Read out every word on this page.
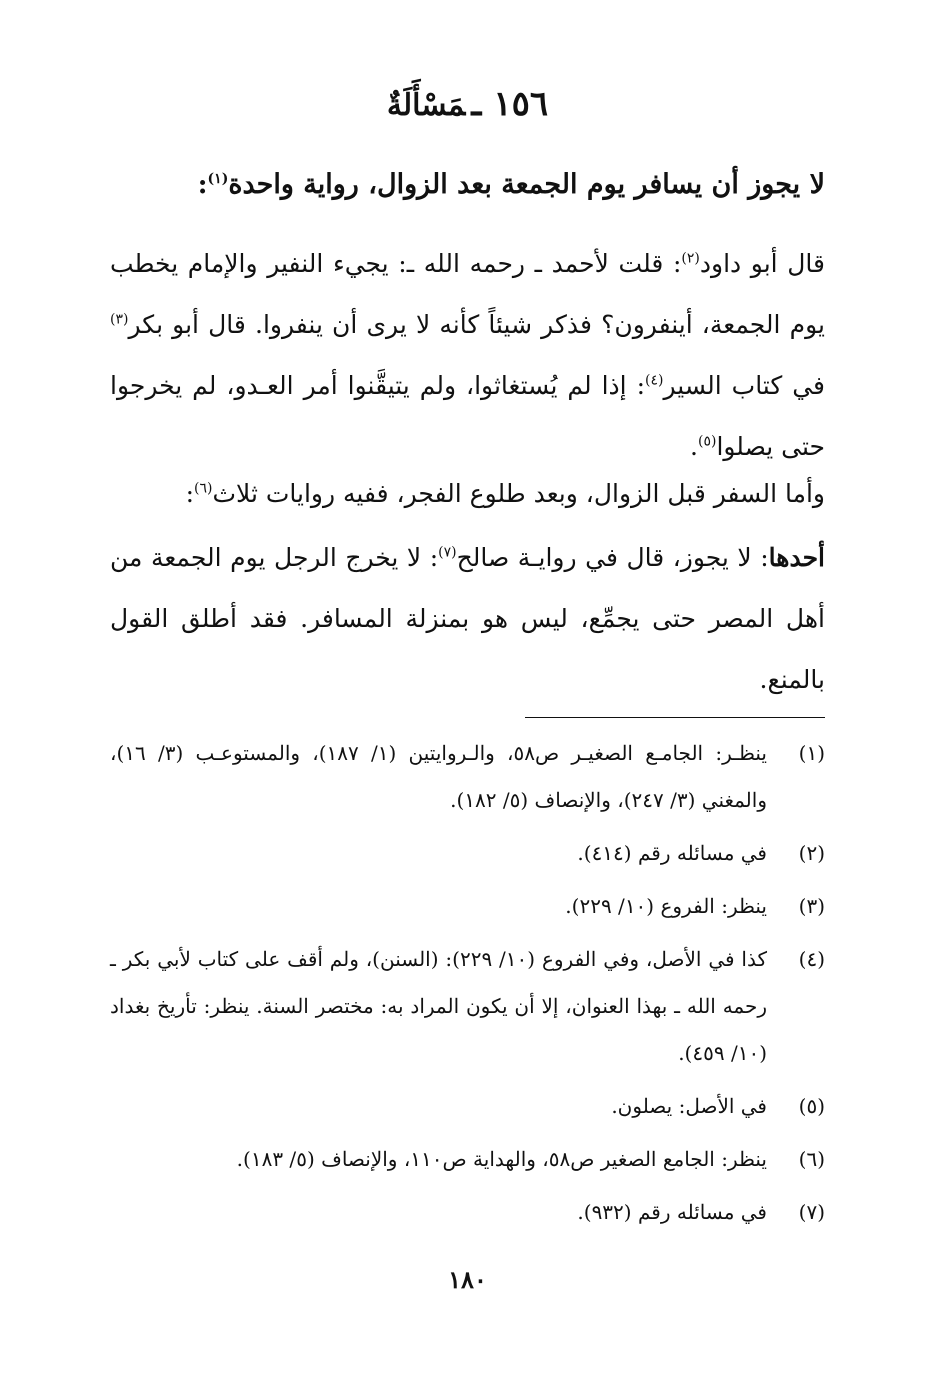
١٥٦ـمَسْأَلَةٌ
لا يجوز أن يسافر يوم الجمعة بعد الزوال، رواية واحدة$^{(١)}$:

قال أبو داود$^{(٢)}$: قلت لأحمد ـ رحمه الله ـ: يجيء النفير والإمام يخطب يوم الجمعة، أينفرون؟ فذكر شيئاً كأنه لا يرى أن ينفروا. قال أبو بكر$^{(٣)}$ في كتاب السير$^{(٤)}$: إذا لم يُستغاثوا، ولم يتيقَّنوا أمر العـدو، لم يخرجوا حتى يصلوا$^{(٥)}$.

وأما السفر قبل الزوال، وبعد طلوع الفجر، ففيه روايات ثلاث$^{(٦)}$:

أحدها: لا يجوز، قال في روايـة صالح$^{(٧)}$: لا يخرج الرجل يوم الجمعة من أهل المصر حتى يجمِّع، ليس هو بمنزلة المسافر. فقد أطلق القول بالمنع.

(١)
ينظـر: الجامـع الصغيـر ص٥٨، والـروايتين (١/ ١٨٧)، والمستوعـب (٣/ ١٦)، والمغني (٣/ ٢٤٧)، والإنصاف (٥/ ١٨٢).
(٢)
في مسائله رقم (٤١٤).
(٣)
ينظر: الفروع (١٠/ ٢٢٩).
(٤)
كذا في الأصل، وفي الفروع (١٠/ ٢٢٩): (السنن)، ولم أقف على كتاب لأبي بكر ـ رحمه الله ـ بهذا العنوان، إلا أن يكون المراد به: مختصر السنة. ينظر: تأريخ بغداد (١٠/ ٤٥٩).
(٥)
في الأصل: يصلون.
(٦)
ينظر: الجامع الصغير ص٥٨، والهداية ص١١٠، والإنصاف (٥/ ١٨٣).
(٧)
في مسائله رقم (٩٣٢).
١٨٠
